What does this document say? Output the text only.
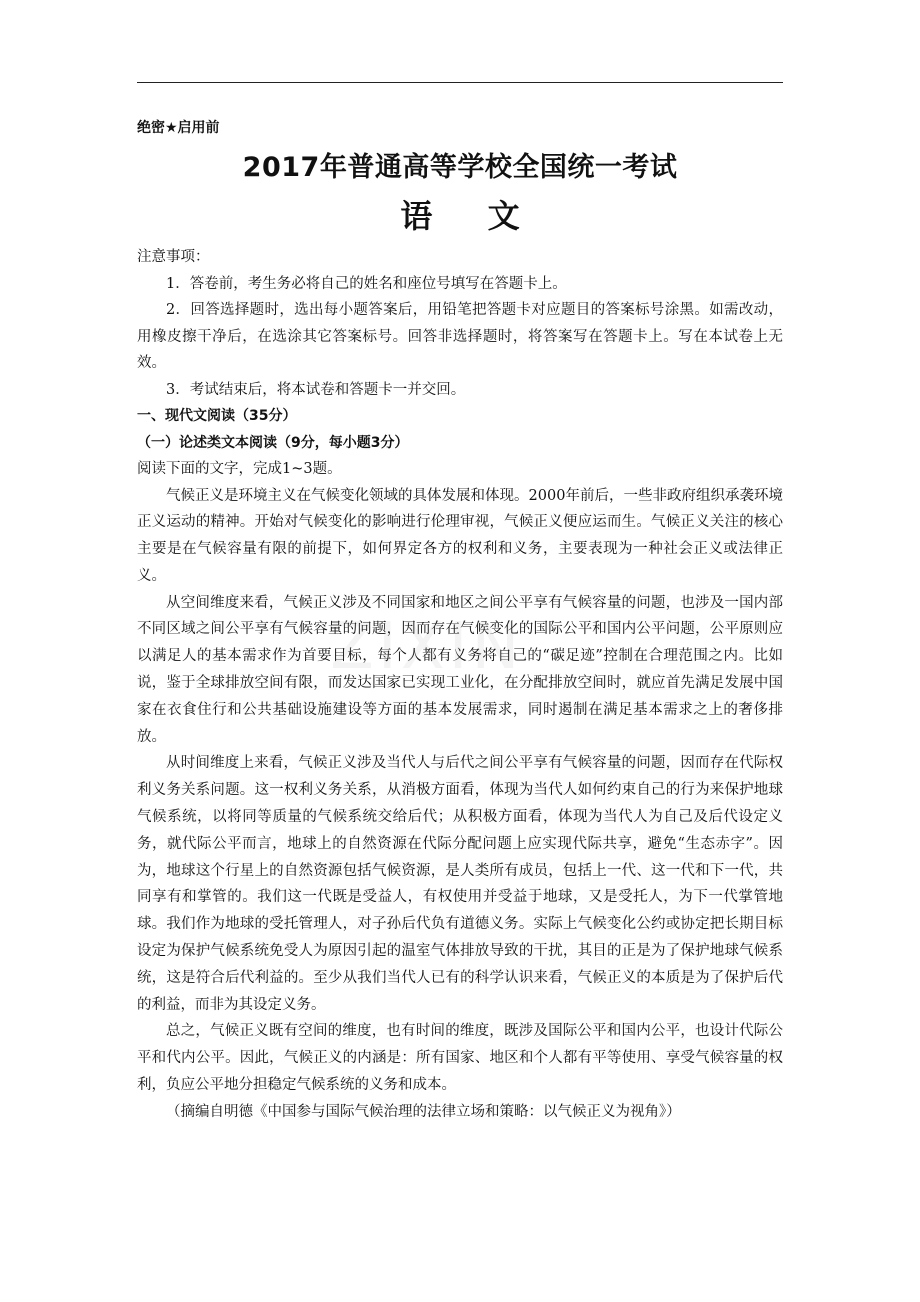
绝密★启用前

2017年普通高等学校全国统一考试
语 文

注意事项：

1．答卷前，考生务必将自己的姓名和座位号填写在答题卡上。

2．回答选择题时，选出每小题答案后，用铅笔把答题卡对应题目的答案标号涂黑。如需改动，用橡皮擦干净后，在选涂其它答案标号。回答非选择题时，将答案写在答题卡上。写在本试卷上无效。

3．考试结束后，将本试卷和答题卡一并交回。

一、现代文阅读（35分）

（一）论述类文本阅读（9分，每小题3分）

阅读下面的文字，完成1~3题。

气候正义是环境主义在气候变化领域的具体发展和体现。2000年前后，一些非政府组织承袭环境正义运动的精神。开始对气候变化的影响进行伦理审视，气候正义便应运而生。气候正义关注的核心主要是在气候容量有限的前提下，如何界定各方的权利和义务，主要表现为一种社会正义或法律正义。

从空间维度来看，气候正义涉及不同国家和地区之间公平享有气候容量的问题，也涉及一国内部不同区域之间公平享有气候容量的问题，因而存在气候变化的国际公平和国内公平问题，公平原则应以满足人的基本需求作为首要目标，每个人都有义务将自己的“碳足迹”控制在合理范围之内。比如说，鉴于全球排放空间有限，而发达国家已实现工业化，在分配排放空间时，就应首先满足发展中国家在衣食住行和公共基础设施建设等方面的基本发展需求，同时遏制在满足基本需求之上的奢侈排放。

从时间维度上来看，气候正义涉及当代人与后代之间公平享有气候容量的问题，因而存在代际权利义务关系问题。这一权利义务关系，从消极方面看，体现为当代人如何约束自己的行为来保护地球气候系统，以将同等质量的气候系统交给后代；从积极方面看，体现为当代人为自己及后代设定义务，就代际公平而言，地球上的自然资源在代际分配问题上应实现代际共享，避免“生态赤字”。因为，地球这个行星上的自然资源包括气候资源，是人类所有成员，包括上一代、这一代和下一代，共同享有和掌管的。我们这一代既是受益人，有权使用并受益于地球，又是受托人，为下一代掌管地球。我们作为地球的受托管理人，对子孙后代负有道德义务。实际上气候变化公约或协定把长期目标设定为保护气候系统免受人为原因引起的温室气体排放导致的干扰，其目的正是为了保护地球气候系统，这是符合后代利益的。至少从我们当代人已有的科学认识来看，气候正义的本质是为了保护后代的利益，而非为其设定义务。

总之，气候正义既有空间的维度，也有时间的维度，既涉及国际公平和国内公平，也设计代际公平和代内公平。因此，气候正义的内涵是：所有国家、地区和个人都有平等使用、享受气候容量的权利，负应公平地分担稳定气候系统的义务和成本。

（摘编自明德《中国参与国际气候治理的法律立场和策略：以气候正义为视角》）

ZIXIN
